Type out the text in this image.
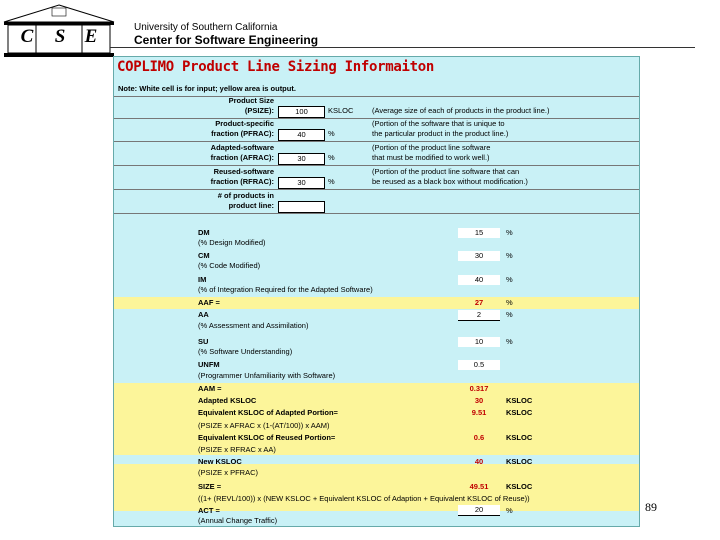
C	S	E	University of Southern California
Center for Software Engineering
COPLIMO Product Line Sizing Informaiton
Note: White cell is for input; yellow area is output.
Product Size
(PSIZE):	100	KSLOC (Average size of each of products in the product line.)
Product-specific
fraction (PFRAC):	40	%
(Portion of the software that is unique to
the particular product in the product line.)
Adapted-software
fraction (AFRAC):	30	%
(Portion of the product line software
that must be modified to work well.)
Reused-software
fraction (RFRAC):	30	%
(Portion of the product line software that can
be reused as a black box without modification.)
# of products in
product line:
DM	15	%
(% Design Modified)
CM	30	%
(% Code Modified)
IM	40	%
(% of Integration Required for the Adapted Software)
AAF =	27	%
AA	2	%
(% Assessment and Assimilation)
SU	10	%
(% Software Understanding)
UNFM	0.5
(Programmer Unfamiliarity with Software)
AAM =	0.317
Adapted KSLOC	30	KSLOC
Equivalent KSLOC of Adapted Portion=	9.51	KSLOC
(PSIZE x AFRAC x (1-(AT/100)) x AAM)
Equivalent KSLOC of Reused Portion=	0.6	KSLOC
(PSIZE x RFRAC x AA)
New KSLOC	40	KSLOC
(PSIZE x PFRAC)
SIZE =	49.51	KSLOC
((1+ (REVL/100)) x (NEW KSLOC + Equivalent KSLOC of Adaption + Equivalent KSLOC of Reuse))
ACT =	20	%
(Annual Change Traffic)
89
